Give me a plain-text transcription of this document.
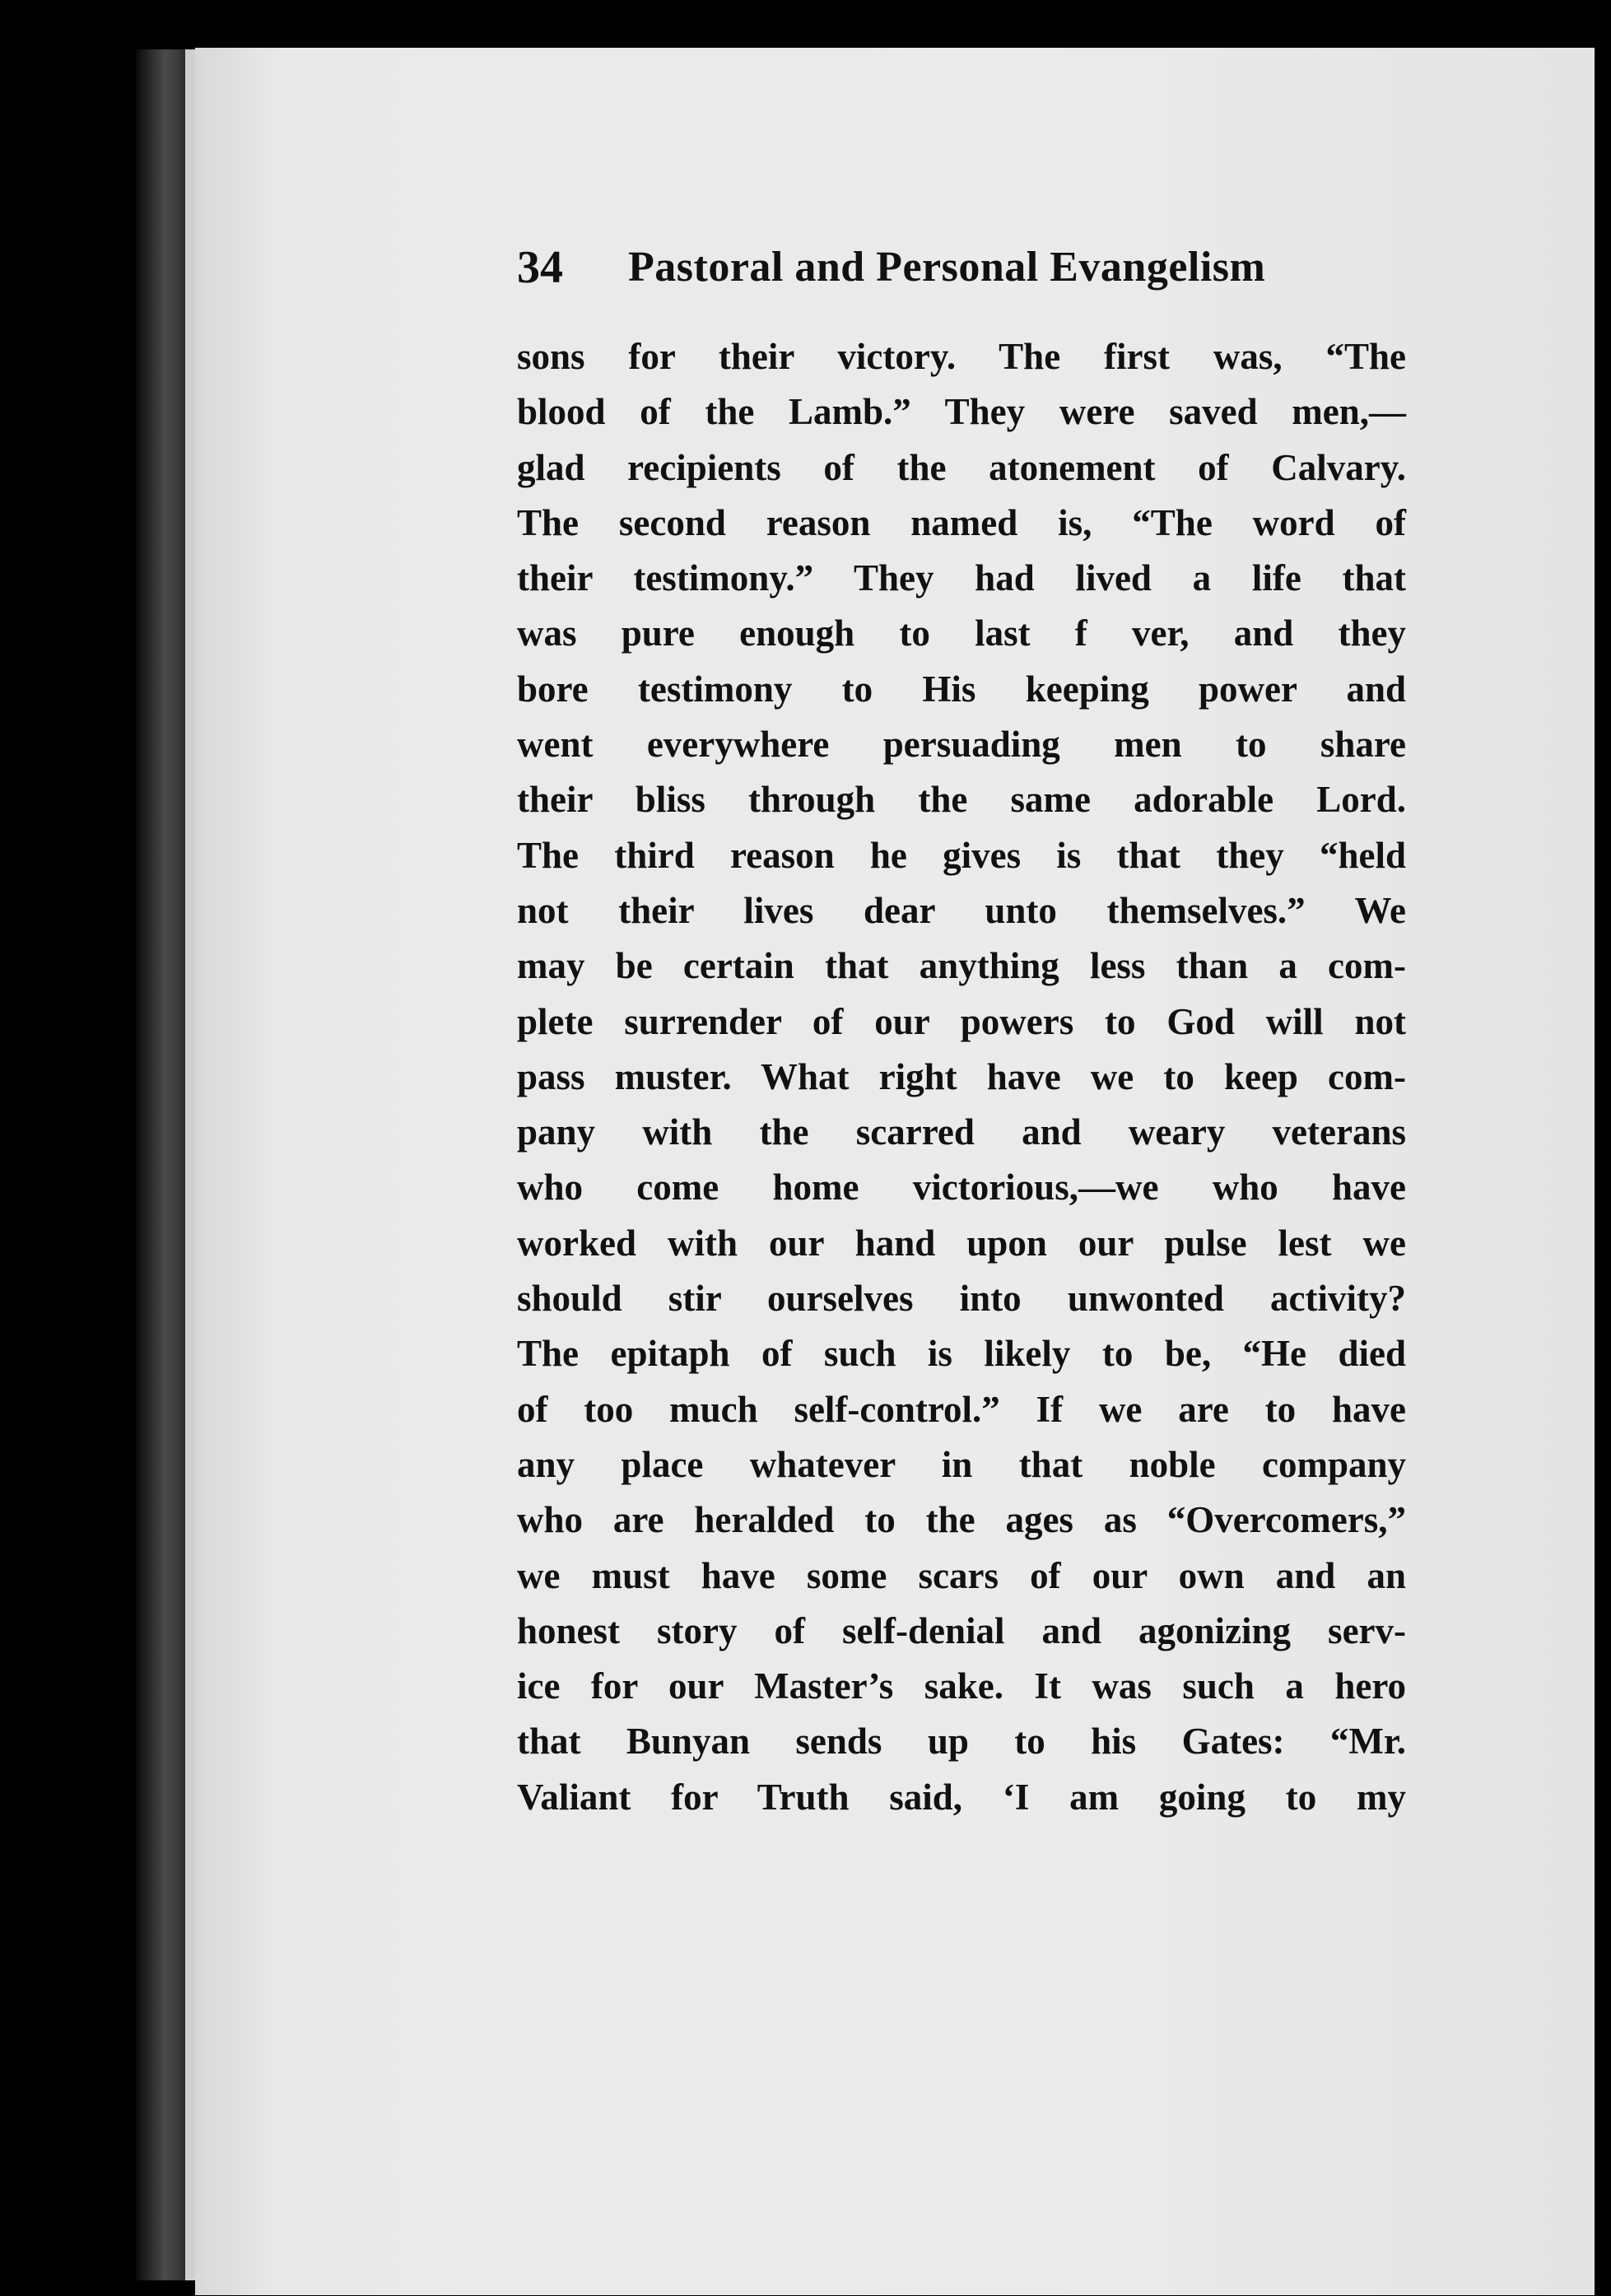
34 Pastoral and Personal Evangelism
sons for their victory. The first was, “The
blood of the Lamb.” They were saved men,—
glad recipients of the atonement of Calvary.
The second reason named is, “The word of
their testimony.” They had lived a life that
was pure enough to last f ver, and they
bore testimony to His keeping power and
went everywhere persuading men to share
their bliss through the same adorable Lord.
The third reason he gives is that they “held
not their lives dear unto themselves.” We
may be certain that anything less than a com-
plete surrender of our powers to God will not
pass muster. What right have we to keep com-
pany with the scarred and weary veterans
who come home victorious,—we who have
worked with our hand upon our pulse lest we
should stir ourselves into unwonted activity?
The epitaph of such is likely to be, “He died
of too much self-control.” If we are to have
any place whatever in that noble company
who are heralded to the ages as “Overcomers,”
we must have some scars of our own and an
honest story of self-denial and agonizing serv-
ice for our Master’s sake. It was such a hero
that Bunyan sends up to his Gates: “Mr.
Valiant for Truth said, ‘I am going to my
